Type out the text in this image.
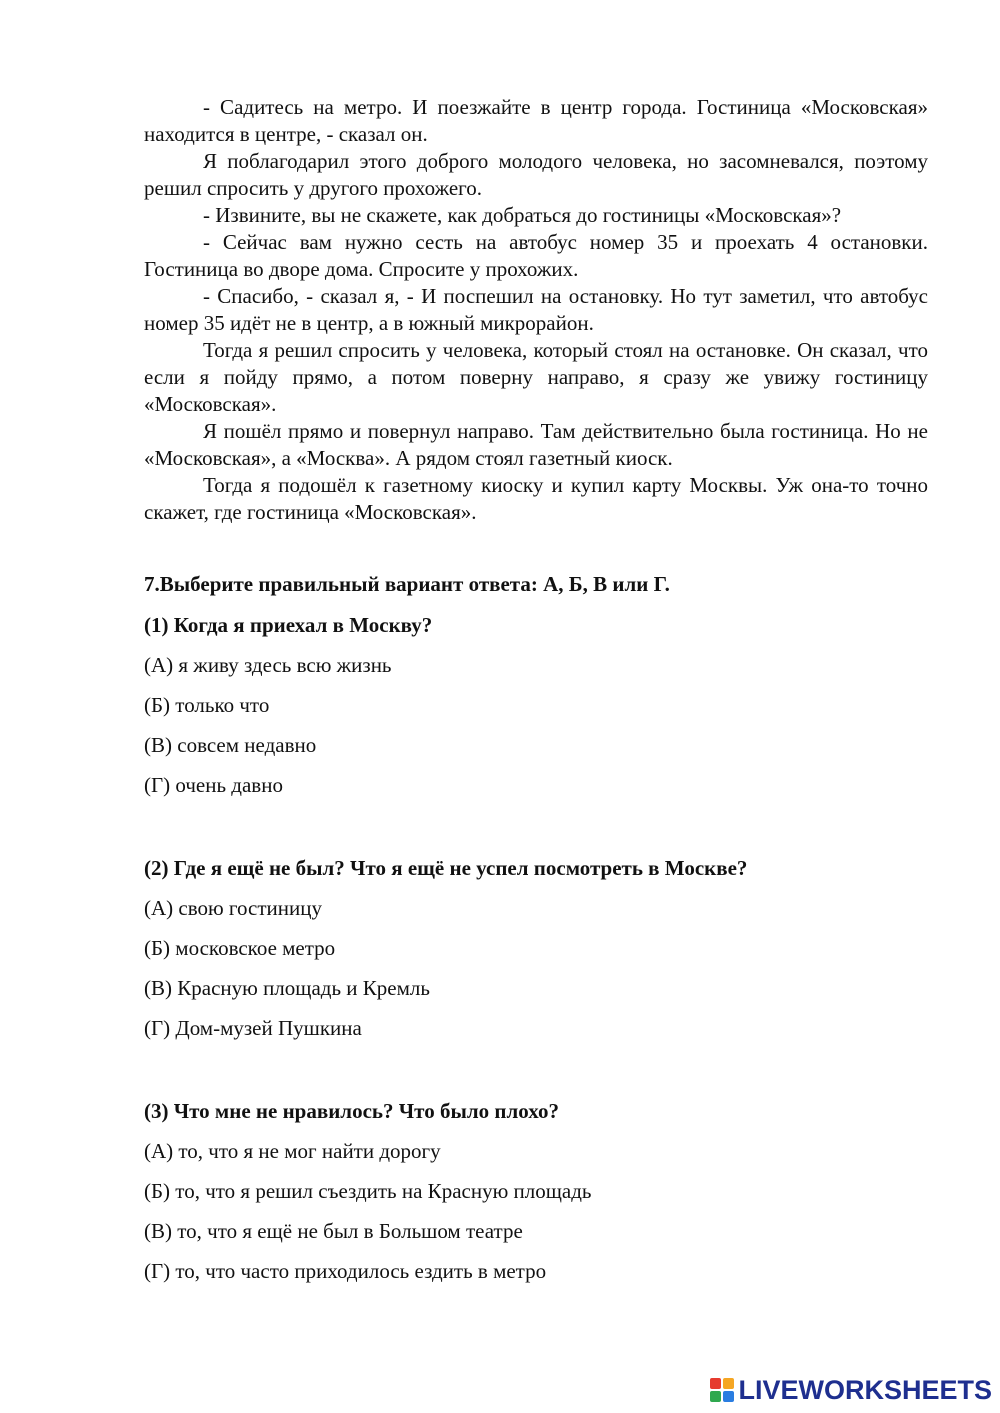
- Садитесь на метро. И поезжайте в центр города. Гостиница «Московская» находится в центре, - сказал он.

Я поблагодарил этого доброго молодого человека, но засомневался, поэтому решил спросить у другого прохожего.

- Извините, вы не скажете, как добраться до гостиницы «Московская»?

- Сейчас вам нужно сесть на автобус номер 35 и проехать 4 остановки. Гостиница во дворе дома. Спросите у прохожих.

- Спасибо, - сказал я, - И поспешил на остановку. Но тут заметил, что автобус номер 35 идёт не в центр, а в южный микрорайон.

Тогда я решил спросить у человека, который стоял на остановке. Он сказал, что если я пойду прямо, а потом поверну направо, я сразу же увижу гостиницу «Московская».

Я пошёл прямо и повернул направо. Там действительно была гостиница. Но не «Московская», а «Москва». А рядом стоял газетный киоск.

Тогда я подошёл к газетному киоску и купил карту Москвы. Уж она-то точно скажет, где гостиница «Московская».

7.Выберите правильный вариант ответа: А, Б, В или Г.

(1) Когда я приехал в Москву?

(А) я живу здесь всю жизнь

(Б) только что

(В) совсем недавно

(Г) очень давно

(2) Где я ещё не был? Что я ещё не успел посмотреть в Москве?

(А) свою гостиницу

(Б) московское метро

(В) Красную площадь и Кремль

(Г) Дом-музей Пушкина

(3) Что мне не нравилось? Что было плохо?

(А) то, что я не мог найти дорогу

(Б) то, что я решил съездить на Красную площадь

(В) то, что я ещё не был в Большом театре

(Г) то, что часто приходилось ездить в метро

LIVEWORKSHEETS
